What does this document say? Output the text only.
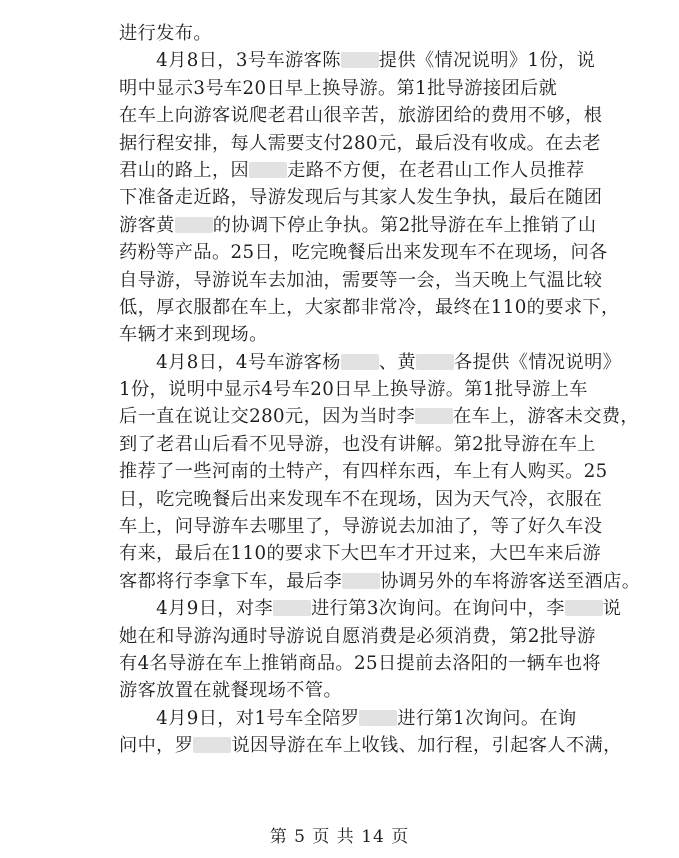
进行发布。
　　4月8日，3号车游客陈 提供《情况说明》1份，说
明中显示3号车20日早上换导游。第1批导游接团后就
在车上向游客说爬老君山很辛苦，旅游团给的费用不够，根
据行程安排，每人需要支付280元，最后没有收成。在去老
君山的路上，因 走路不方便，在老君山工作人员推荐
下准备走近路，导游发现后与其家人发生争执，最后在随团
游客黄 的协调下停止争执。第2批导游在车上推销了山
药粉等产品。25日，吃完晚餐后出来发现车不在现场，问各
自导游，导游说车去加油，需要等一会，当天晚上气温比较
低，厚衣服都在车上，大家都非常冷，最终在110的要求下，
车辆才来到现场。
　　4月8日，4号车游客杨 、黄 各提供《情况说明》
1份，说明中显示4号车20日早上换导游。第1批导游上车
后一直在说让交280元，因为当时李 在车上，游客未交费，
到了老君山后看不见导游，也没有讲解。第2批导游在车上
推荐了一些河南的土特产，有四样东西，车上有人购买。25
日，吃完晚餐后出来发现车不在现场，因为天气冷，衣服在
车上，问导游车去哪里了，导游说去加油了，等了好久车没
有来，最后在110的要求下大巴车才开过来，大巴车来后游
客都将行李拿下车，最后李 协调另外的车将游客送至酒店。
　　4月9日，对李 进行第3次询问。在询问中，李 说
她在和导游沟通时导游说自愿消费是必须消费，第2批导游
有4名导游在车上推销商品。25日提前去洛阳的一辆车也将
游客放置在就餐现场不管。
　　4月9日，对1号车全陪罗 进行第1次询问。在询
问中，罗 说因导游在车上收钱、加行程，引起客人不满，
第 5 页 共 14 页
